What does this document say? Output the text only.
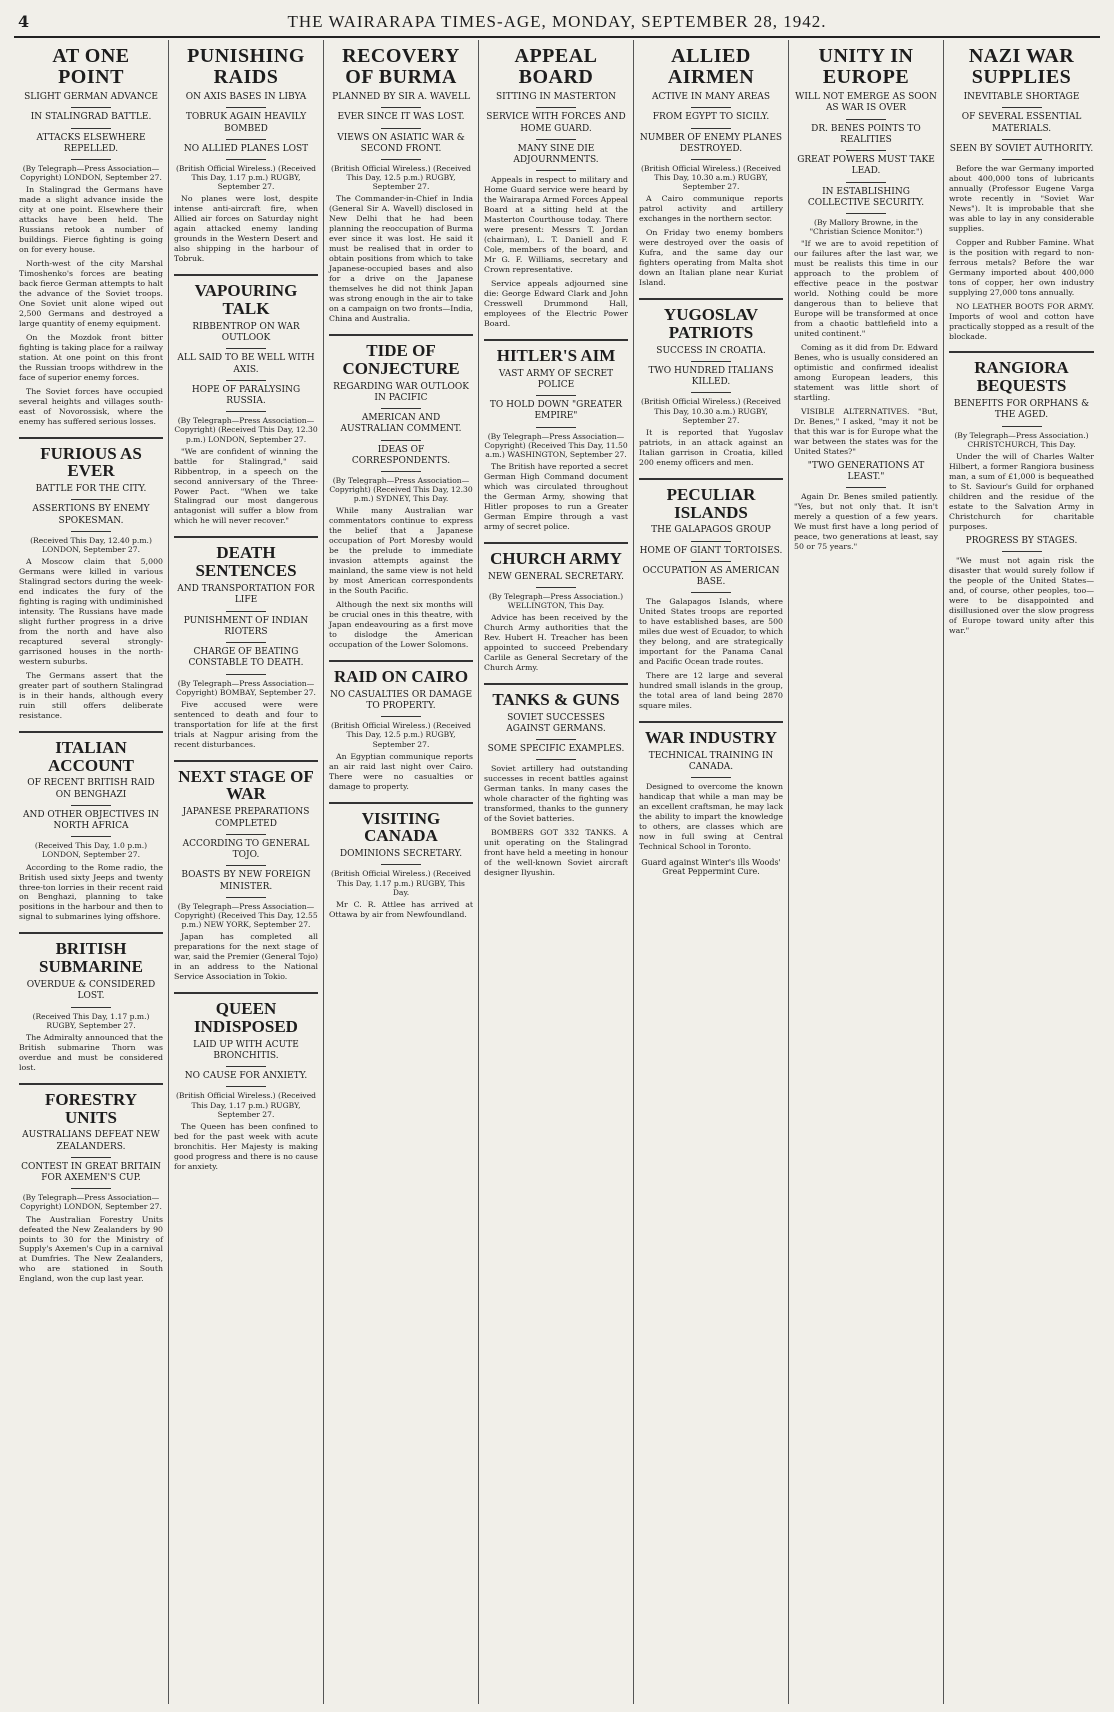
4	THE WAIRARAPA TIMES-AGE, MONDAY, SEPTEMBER 28, 1942.
AT ONE POINT
SLIGHT GERMAN ADVANCE
IN STALINGRAD BATTLE.
ATTACKS ELSEWHERE REPELLED.
(By Telegraph—Press Association—Copyright) LONDON, September 27.

In Stalingrad the Germans have made a slight advance inside the city at one point. Elsewhere their attacks have been held. The Russians retook a number of buildings. Fierce fighting is going on for every house.

North-west of the city Marshal Timoshenko's forces are beating back fierce German attempts to halt the advance of the Soviet troops. One Soviet unit alone wiped out 2,500 Germans and destroyed a large quantity of enemy equipment.

On the Mozdok front bitter fighting is taking place for a railway station. At one point on this front the Russian troops withdrew in the face of superior enemy forces.

The Soviet forces have occupied several heights and villages south-east of Novorossisk, where the enemy has suffered serious losses.

FURIOUS AS EVER
BATTLE FOR THE CITY.
ASSERTIONS BY ENEMY SPOKESMAN.
(Received This Day, 12.40 p.m.) LONDON, September 27.

A Moscow claim that 5,000 Germans were killed in various Stalingrad sectors during the week-end indicates the fury of the fighting is raging with undiminished intensity. The Russians have made slight further progress in a drive from the north and have also recaptured several strongly-garrisoned houses in the north-western suburbs.

The Germans assert that the greater part of southern Stalingrad is in their hands, although every ruin still offers deliberate resistance.

ITALIAN ACCOUNT
OF RECENT BRITISH RAID ON BENGHAZI
AND OTHER OBJECTIVES IN NORTH AFRICA
(Received This Day, 1.0 p.m.) LONDON, September 27.

According to the Rome radio, the British used sixty Jeeps and twenty three-ton lorries in their recent raid on Benghazi, planning to take positions in the harbour and then to signal to submarines lying offshore.

BRITISH SUBMARINE
OVERDUE & CONSIDERED LOST.
(Received This Day, 1.17 p.m.) RUGBY, September 27.

The Admiralty announced that the British submarine Thorn was overdue and must be considered lost.

FORESTRY UNITS
AUSTRALIANS DEFEAT NEW ZEALANDERS.
CONTEST IN GREAT BRITAIN FOR AXEMEN'S CUP.
(By Telegraph—Press Association—Copyright) LONDON, September 27.

The Australian Forestry Units defeated the New Zealanders by 90 points to 30 for the Ministry of Supply's Axemen's Cup in a carnival at Dumfries. The New Zealanders, who are stationed in South England, won the cup last year.

PUNISHING RAIDS
ON AXIS BASES IN LIBYA
TOBRUK AGAIN HEAVILY BOMBED
NO ALLIED PLANES LOST
(British Official Wireless.) (Received This Day, 1.17 p.m.) RUGBY, September 27.

No planes were lost, despite intense anti-aircraft fire, when Allied air forces on Saturday night again attacked enemy landing grounds in the Western Desert and also shipping in the harbour of Tobruk.

VAPOURING TALK
RIBBENTROP ON WAR OUTLOOK
ALL SAID TO BE WELL WITH AXIS.
HOPE OF PARALYSING RUSSIA.
(By Telegraph—Press Association—Copyright) (Received This Day, 12.30 p.m.) LONDON, September 27.

"We are confident of winning the battle for Stalingrad," said Ribbentrop, in a speech on the second anniversary of the Three-Power Pact. "When we take Stalingrad our most dangerous antagonist will suffer a blow from which he will never recover."

DEATH SENTENCES
AND TRANSPORTATION FOR LIFE
PUNISHMENT OF INDIAN RIOTERS
CHARGE OF BEATING CONSTABLE TO DEATH.
(By Telegraph—Press Association—Copyright) BOMBAY, September 27.

Five accused were were sentenced to death and four to transportation for life at the first trials at Nagpur arising from the recent disturbances.

NEXT STAGE OF WAR
JAPANESE PREPARATIONS COMPLETED
ACCORDING TO GENERAL TOJO.
BOASTS BY NEW FOREIGN MINISTER.
(By Telegraph—Press Association—Copyright) (Received This Day, 12.55 p.m.) NEW YORK, September 27.

Japan has completed all preparations for the next stage of war, said the Premier (General Tojo) in an address to the National Service Association in Tokio.

QUEEN INDISPOSED
LAID UP WITH ACUTE BRONCHITIS.
NO CAUSE FOR ANXIETY.
(British Official Wireless.) (Received This Day, 1.17 p.m.) RUGBY, September 27.

The Queen has been confined to bed for the past week with acute bronchitis. Her Majesty is making good progress and there is no cause for anxiety.

RECOVERY OF BURMA
PLANNED BY SIR A. WAVELL
EVER SINCE IT WAS LOST.
VIEWS ON ASIATIC WAR & SECOND FRONT.
(British Official Wireless.) (Received This Day, 12.5 p.m.) RUGBY, September 27.

The Commander-in-Chief in India (General Sir A. Wavell) disclosed in New Delhi that he had been planning the reoccupation of Burma ever since it was lost. He said it must be realised that in order to obtain positions from which to take Japanese-occupied bases and also for a drive on the Japanese themselves he did not think Japan was strong enough in the air to take on a campaign on two fronts—India, China and Australia.

TIDE OF CONJECTURE
REGARDING WAR OUTLOOK IN PACIFIC
AMERICAN AND AUSTRALIAN COMMENT.
IDEAS OF CORRESPONDENTS.
(By Telegraph—Press Association—Copyright) (Received This Day, 12.30 p.m.) SYDNEY, This Day.

While many Australian war commentators continue to express the belief that a Japanese occupation of Port Moresby would be the prelude to immediate invasion attempts against the mainland, the same view is not held by most American correspondents in the South Pacific.

Although the next six months will be crucial ones in this theatre, with Japan endeavouring as a first move to dislodge the American occupation of the Lower Solomons.

RAID ON CAIRO
NO CASUALTIES OR DAMAGE TO PROPERTY.
(British Official Wireless.) (Received This Day, 12.5 p.m.) RUGBY, September 27.

An Egyptian communique reports an air raid last night over Cairo. There were no casualties or damage to property.

VISITING CANADA
DOMINIONS SECRETARY.
(British Official Wireless.) (Received This Day, 1.17 p.m.) RUGBY, This Day.

Mr C. R. Attlee has arrived at Ottawa by air from Newfoundland.

APPEAL BOARD
SITTING IN MASTERTON
SERVICE WITH FORCES AND HOME GUARD.
MANY SINE DIE ADJOURNMENTS.

Appeals in respect to military and Home Guard service were heard by the Wairarapa Armed Forces Appeal Board at a sitting held at the Masterton Courthouse today. There were present: Messrs T. Jordan (chairman), L. T. Daniell and F. Cole, members of the board, and Mr G. F. Williams, secretary and Crown representative.

Service appeals adjourned sine die: George Edward Clark and John Cresswell Drummond Hall, employees of the Electric Power Board.

HITLER'S AIM
VAST ARMY OF SECRET POLICE
TO HOLD DOWN "GREATER EMPIRE"
(By Telegraph—Press Association—Copyright) (Received This Day, 11.50 a.m.) WASHINGTON, September 27.

The British have reported a secret German High Command document which was circulated throughout the German Army, showing that Hitler proposes to run a Greater German Empire through a vast army of secret police.

CHURCH ARMY
NEW GENERAL SECRETARY.
(By Telegraph—Press Association.) WELLINGTON, This Day.

Advice has been received by the Church Army authorities that the Rev. Hubert H. Treacher has been appointed to succeed Prebendary Carlile as General Secretary of the Church Army.

TANKS & GUNS
SOVIET SUCCESSES AGAINST GERMANS.
SOME SPECIFIC EXAMPLES.

Soviet artillery had outstanding successes in recent battles against German tanks. In many cases the whole character of the fighting was transformed, thanks to the gunnery of the Soviet batteries.

BOMBERS GOT 332 TANKS. A unit operating on the Stalingrad front have held a meeting in honour of the well-known Soviet aircraft designer Ilyushin.

ALLIED AIRMEN
ACTIVE IN MANY AREAS
FROM EGYPT TO SICILY.
NUMBER OF ENEMY PLANES DESTROYED.
(British Official Wireless.) (Received This Day, 10.30 a.m.) RUGBY, September 27.

A Cairo communique reports patrol activity and artillery exchanges in the northern sector.

On Friday two enemy bombers were destroyed over the oasis of Kufra, and the same day our fighters operating from Malta shot down an Italian plane near Kuriat Island.

YUGOSLAV PATRIOTS
SUCCESS IN CROATIA.
TWO HUNDRED ITALIANS KILLED.
(British Official Wireless.) (Received This Day, 10.30 a.m.) RUGBY, September 27.

It is reported that Yugoslav patriots, in an attack against an Italian garrison in Croatia, killed 200 enemy officers and men.

PECULIAR ISLANDS
THE GALAPAGOS GROUP
HOME OF GIANT TORTOISES.
OCCUPATION AS AMERICAN BASE.

The Galapagos Islands, where United States troops are reported to have established bases, are 500 miles due west of Ecuador, to which they belong, and are strategically important for the Panama Canal and Pacific Ocean trade routes.

There are 12 large and several hundred small islands in the group, the total area of land being 2870 square miles.

WAR INDUSTRY
TECHNICAL TRAINING IN CANADA.

Designed to overcome the known handicap that while a man may be an excellent craftsman, he may lack the ability to impart the knowledge to others, are classes which are now in full swing at Central Technical School in Toronto.

Guard against Winter's ills Woods' Great Peppermint Cure.
UNITY IN EUROPE
WILL NOT EMERGE AS SOON AS WAR IS OVER
DR. BENES POINTS TO REALITIES
GREAT POWERS MUST TAKE LEAD.
IN ESTABLISHING COLLECTIVE SECURITY.
(By Mallory Browne, in the "Christian Science Monitor.")

"If we are to avoid repetition of our failures after the last war, we must be realists this time in our approach to the problem of effective peace in the postwar world. Nothing could be more dangerous than to believe that Europe will be transformed at once from a chaotic battlefield into a united continent."

Coming as it did from Dr. Edward Benes, who is usually considered an optimistic and confirmed idealist among European leaders, this statement was little short of startling.

VISIBLE ALTERNATIVES. "But, Dr. Benes," I asked, "may it not be that this war is for Europe what the war between the states was for the United States?"

"TWO GENERATIONS AT LEAST."

Again Dr. Benes smiled patiently. "Yes, but not only that. It isn't merely a question of a few years. We must first have a long period of peace, two generations at least, say 50 or 75 years."

NAZI WAR SUPPLIES
INEVITABLE SHORTAGE
OF SEVERAL ESSENTIAL MATERIALS.
SEEN BY SOVIET AUTHORITY.

Before the war Germany imported about 400,000 tons of lubricants annually (Professor Eugene Varga wrote recently in "Soviet War News"). It is improbable that she was able to lay in any considerable supplies.

Copper and Rubber Famine. What is the position with regard to non-ferrous metals? Before the war Germany imported about 400,000 tons of copper, her own industry supplying 27,000 tons annually.

NO LEATHER BOOTS FOR ARMY. Imports of wool and cotton have practically stopped as a result of the blockade.

RANGIORA BEQUESTS
BENEFITS FOR ORPHANS & THE AGED.
(By Telegraph—Press Association.) CHRISTCHURCH, This Day.

Under the will of Charles Walter Hilbert, a former Rangiora business man, a sum of £1,000 is bequeathed to St. Saviour's Guild for orphaned children and the residue of the estate to the Salvation Army in Christchurch for charitable purposes.

PROGRESS BY STAGES.

"We must not again risk the disaster that would surely follow if the people of the United States—and, of course, other peoples, too—were to be disappointed and disillusioned over the slow progress of Europe toward unity after this war."
